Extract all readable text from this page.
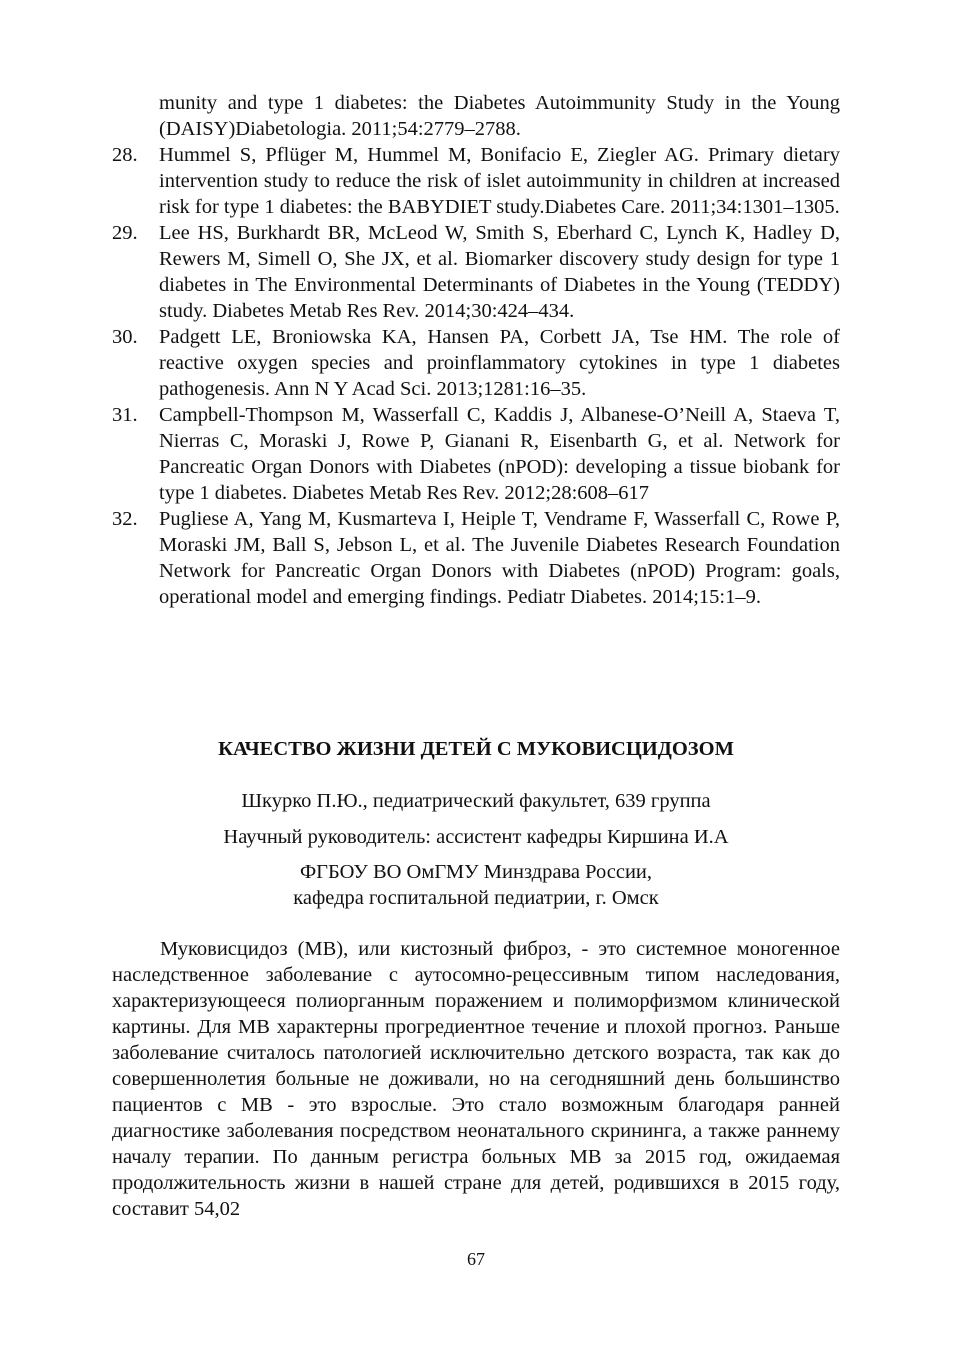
munity and type 1 diabetes: the Diabetes Autoimmunity Study in the Young (DAISY)Diabetologia. 2011;54:2779–2788.
28.	Hummel S, Pflüger M, Hummel M, Bonifacio E, Ziegler AG. Primary dietary intervention study to reduce the risk of islet autoimmunity in children at increased risk for type 1 diabetes: the BABYDIET study.Diabetes Care. 2011;34:1301–1305.
29.	Lee HS, Burkhardt BR, McLeod W, Smith S, Eberhard C, Lynch K, Hadley D, Rewers M, Simell O, She JX, et al. Biomarker discovery study design for type 1 diabetes in The Environmental Determinants of Diabetes in the Young (TEDDY) study. Diabetes Metab Res Rev. 2014;30:424–434.
30.	Padgett LE, Broniowska KA, Hansen PA, Corbett JA, Tse HM. The role of reactive oxygen species and proinflammatory cytokines in type 1 diabetes pathogenesis. Ann N Y Acad Sci. 2013;1281:16–35.
31.	Campbell-Thompson M, Wasserfall C, Kaddis J, Albanese-O’Neill A, Staeva T, Nierras C, Moraski J, Rowe P, Gianani R, Eisenbarth G, et al. Network for Pancreatic Organ Donors with Diabetes (nPOD): developing a tissue biobank for type 1 diabetes. Diabetes Metab Res Rev. 2012;28:608–617
32.	Pugliese A, Yang M, Kusmarteva I, Heiple T, Vendrame F, Wasserfall C, Rowe P, Moraski JM, Ball S, Jebson L, et al. The Juvenile Diabetes Research Foundation Network for Pancreatic Organ Donors with Diabetes (nPOD) Program: goals, operational model and emerging findings. Pediatr Diabetes. 2014;15:1–9.
КАЧЕСТВО ЖИЗНИ ДЕТЕЙ С МУКОВИСЦИДОЗОМ
Шкурко П.Ю., педиатрический факультет, 639 группа
Научный руководитель: ассистент кафедры Киршина И.А
ФГБОУ ВО ОмГМУ Минздрава России,
кафедра госпитальной педиатрии, г. Омск
Муковисцидоз (МВ), или кистозный фиброз, - это системное моногенное наследственное заболевание с аутосомно-рецессивным типом наследования, характеризующееся полиорганным поражением и полиморфизмом клинической картины. Для МВ характерны прогредиентное течение и плохой прогноз. Раньше заболевание считалось патологией исключительно детского возраста, так как до совершеннолетия больные не доживали, но на сегодняшний день большинство пациентов с МВ - это взрослые. Это стало возможным благодаря ранней диагностике заболевания посредством неонатального скрининга, а также раннему началу терапии. По данным регистра больных МВ за 2015 год, ожидаемая продолжительность жизни в нашей стране для детей, родившихся в 2015 году, составит 54,02
67
